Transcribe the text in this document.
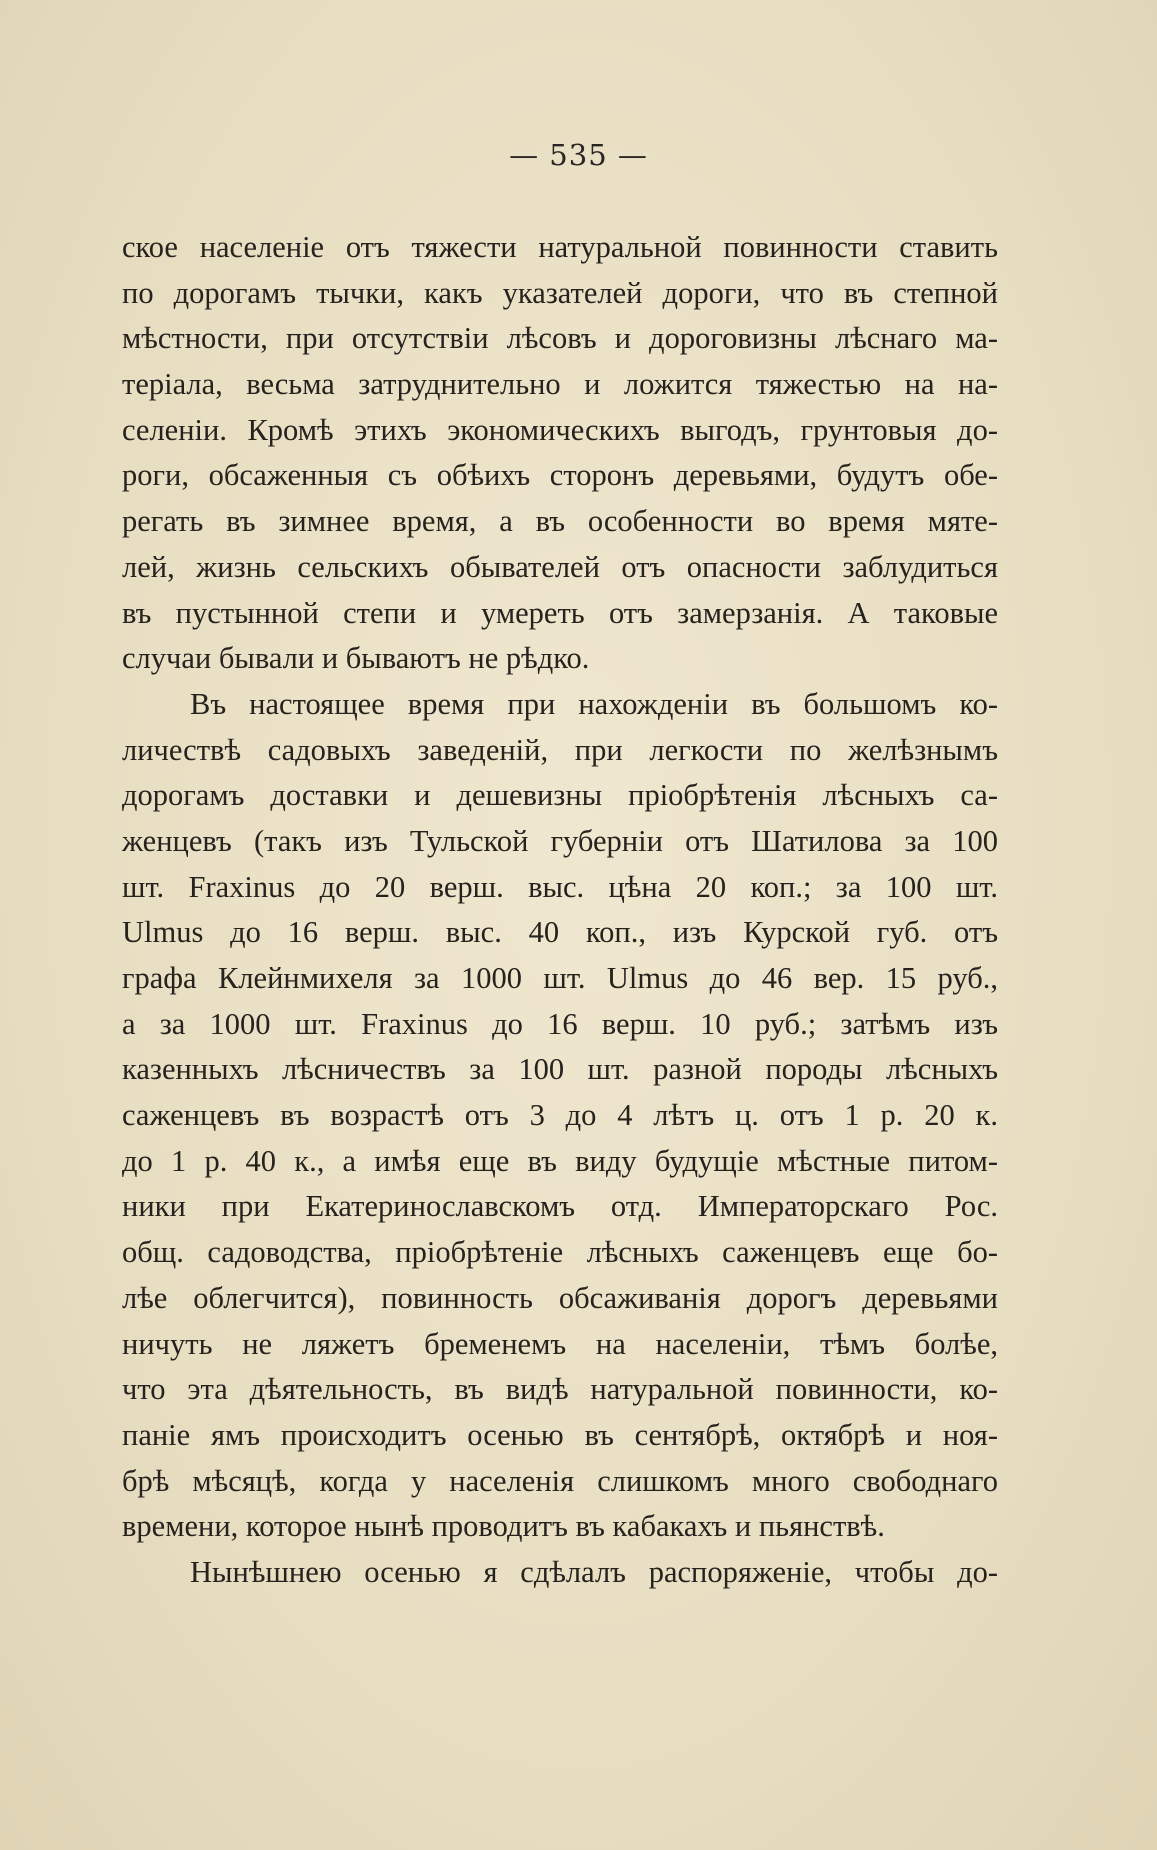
— 535 —
ское населеніе отъ тяжести натуральной повинности ставить
по дорогамъ тычки, какъ указателей дороги, что въ степной
мѣстности, при отсутствіи лѣсовъ и дороговизны лѣснаго ма-
теріала, весьма затруднительно и ложится тяжестью на на-
селеніи. Кромѣ этихъ экономическихъ выгодъ, грунтовыя до-
роги, обсаженныя съ обѣихъ сторонъ деревьями, будутъ обе-
регать въ зимнее время, а въ особенности во время мяте-
лей, жизнь сельскихъ обывателей отъ опасности заблудиться
въ пустынной степи и умереть отъ замерзанія. А таковые
случаи бывали и бываютъ не рѣдко.
Въ настоящее время при нахожденіи въ большомъ ко-
личествѣ садовыхъ заведеній, при легкости по желѣзнымъ
дорогамъ доставки и дешевизны пріобрѣтенія лѣсныхъ са-
женцевъ (такъ изъ Тульской губерніи отъ Шатилова за 100
шт. Fraxinus до 20 верш. выс. цѣна 20 коп.; за 100 шт.
Ulmus до 16 верш. выс. 40 коп., изъ Курской губ. отъ
графа Клейнмихеля за 1000 шт. Ulmus до 46 вер. 15 руб.,
а за 1000 шт. Fraxinus до 16 верш. 10 руб.; затѣмъ изъ
казенныхъ лѣсничествъ за 100 шт. разной породы лѣсныхъ
саженцевъ въ возрастѣ отъ 3 до 4 лѣтъ ц. отъ 1 р. 20 к.
до 1 р. 40 к., а имѣя еще въ виду будущіе мѣстные питом-
ники при Екатеринославскомъ отд. Императорскаго Рос.
общ. садоводства, пріобрѣтеніе лѣсныхъ саженцевъ еще бо-
лѣе облегчится), повинность обсаживанія дорогъ деревьями
ничуть не ляжетъ бременемъ на населеніи, тѣмъ болѣе,
что эта дѣятельность, въ видѣ натуральной повинности, ко-
паніе ямъ происходитъ осенью въ сентябрѣ, октябрѣ и ноя-
брѣ мѣсяцѣ, когда у населенія слишкомъ много свободнаго
времени, которое нынѣ проводитъ въ кабакахъ и пьянствѣ.
Нынѣшнею осенью я сдѣлалъ распоряженіе, чтобы до-
